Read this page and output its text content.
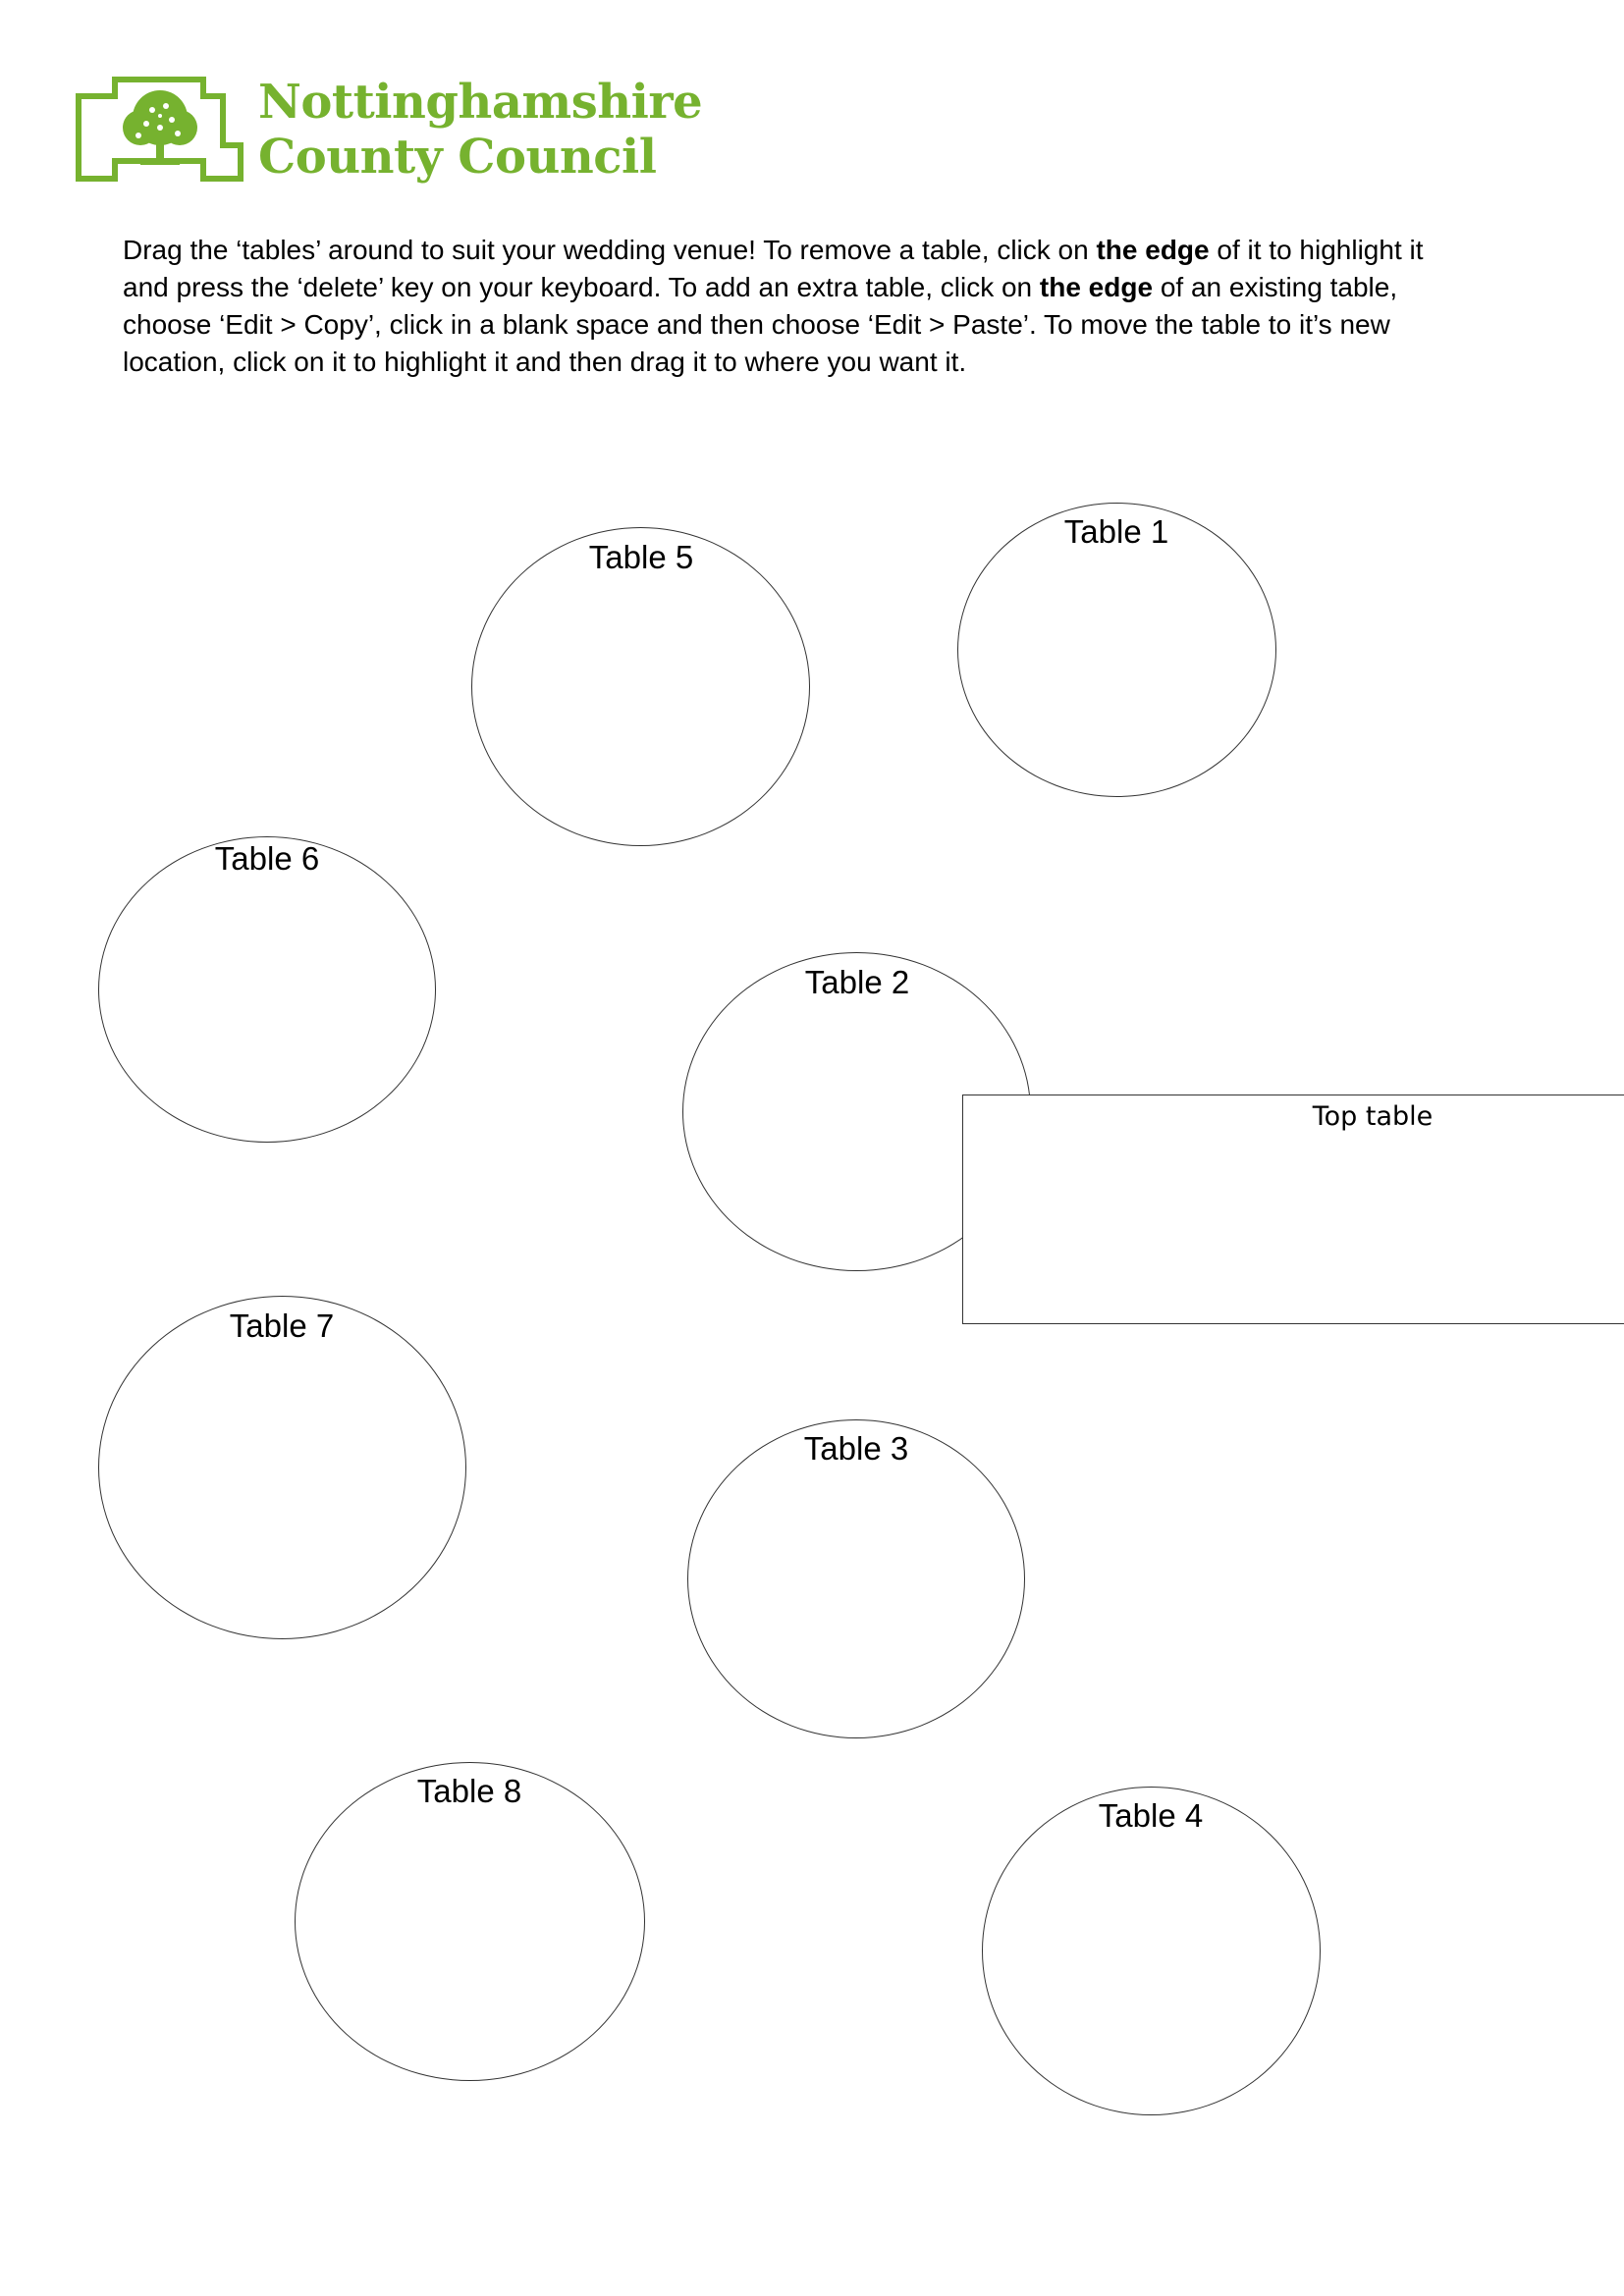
Nottinghamshire
County Council
Drag the ‘tables’ around to suit your wedding venue! To remove a table, click on the edge of it to highlight it and press the ‘delete’ key on your keyboard. To add an extra table, click on the edge of an existing table, choose ‘Edit > Copy’, click in a blank space and then choose ‘Edit > Paste’. To move the table to it’s new location, click on it to highlight it and then drag it to where you want it.
Table 5
Table 1
Table 6
Table 2
Top table
Table 7
Table 3
Table 8
Table 4
